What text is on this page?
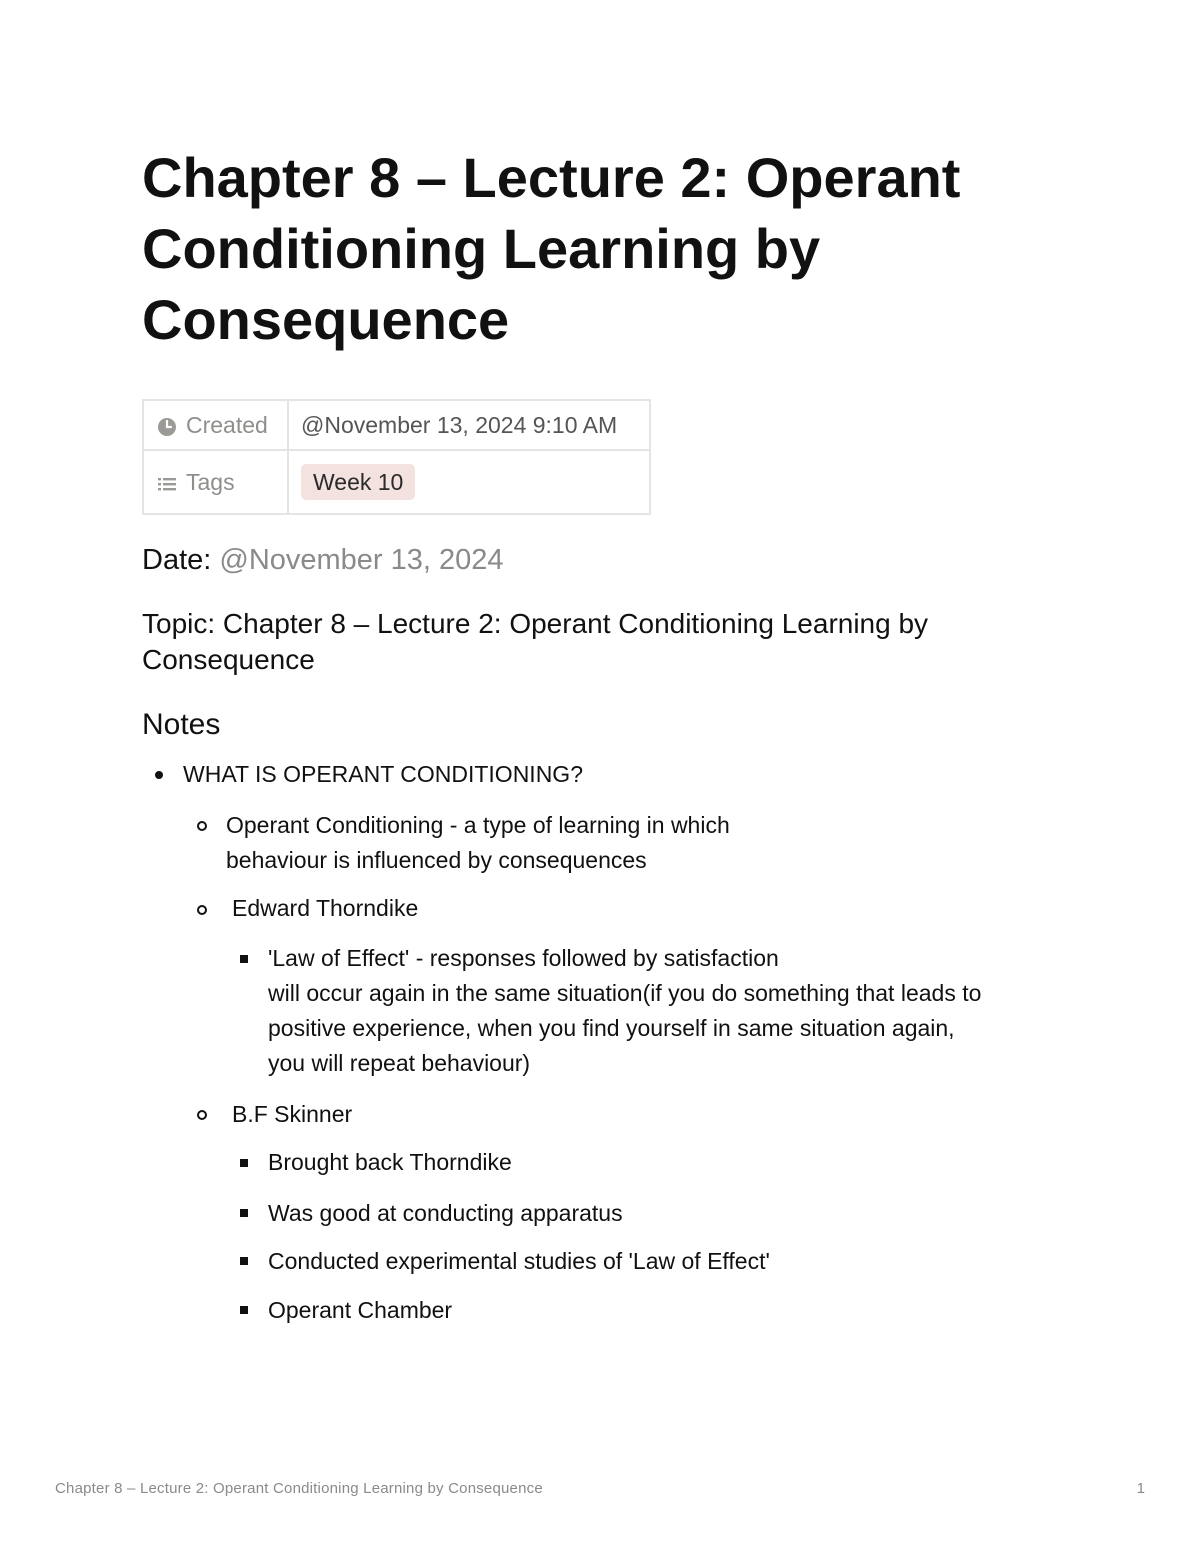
Chapter 8 – Lecture 2: Operant Conditioning Learning by Consequence
Created	@November 13, 2024 9:10 AM
Tags	Week 10
Date: @November 13, 2024
Topic: Chapter 8 – Lecture 2: Operant Conditioning Learning by Consequence
Notes
WHAT IS OPERANT CONDITIONING?
Operant Conditioning - a type of learning in which
behaviour is influenced by consequences
Edward Thorndike
'Law of Effect' - responses followed by satisfaction
will occur again in the same situation(if you do something that leads to
positive experience, when you find yourself in same situation again,
you will repeat behaviour)
B.F Skinner
Brought back Thorndike
Was good at conducting apparatus
Conducted experimental studies of 'Law of Effect'
Operant Chamber
Chapter 8 – Lecture 2: Operant Conditioning Learning by Consequence	1
